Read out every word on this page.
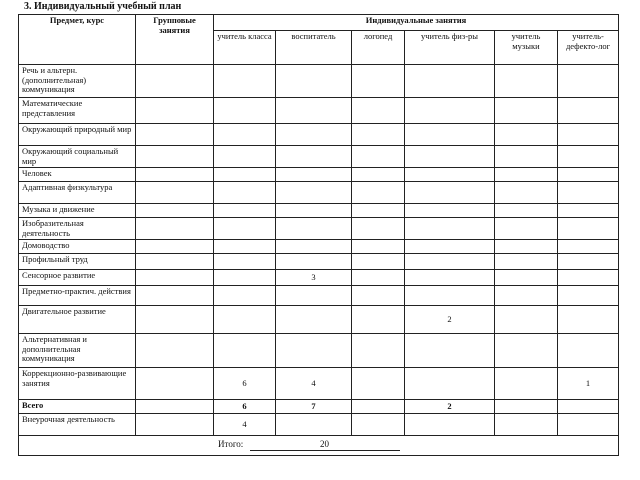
3. Индивидуальный учебный план
Предмет, курс	Групповые занятия	Индивидуальные занятия					
		учитель класса	воспитатель	логопед	учитель физ-ры	учитель музыки	учитель-дефекто-лог
Речь и альтерн. (дополнительная) коммуникация							
Математические представления							
Окружающий природный мир							
Окружающий социальный мир							
Человек							
Адаптивная физкультура							
Музыка и движение							
Изобразительная деятельность							
Домоводство							
Профильный труд							
Сенсорное развитие			3				
Предметно-практич. действия							
Двигательное развитие					2		
Альтернативная и дополнительная коммуникация							
Коррекционно-развивающие занятия		6	4				1
Всего		6	7		2		
Внеурочная деятельность		4					
Итого: 20							
